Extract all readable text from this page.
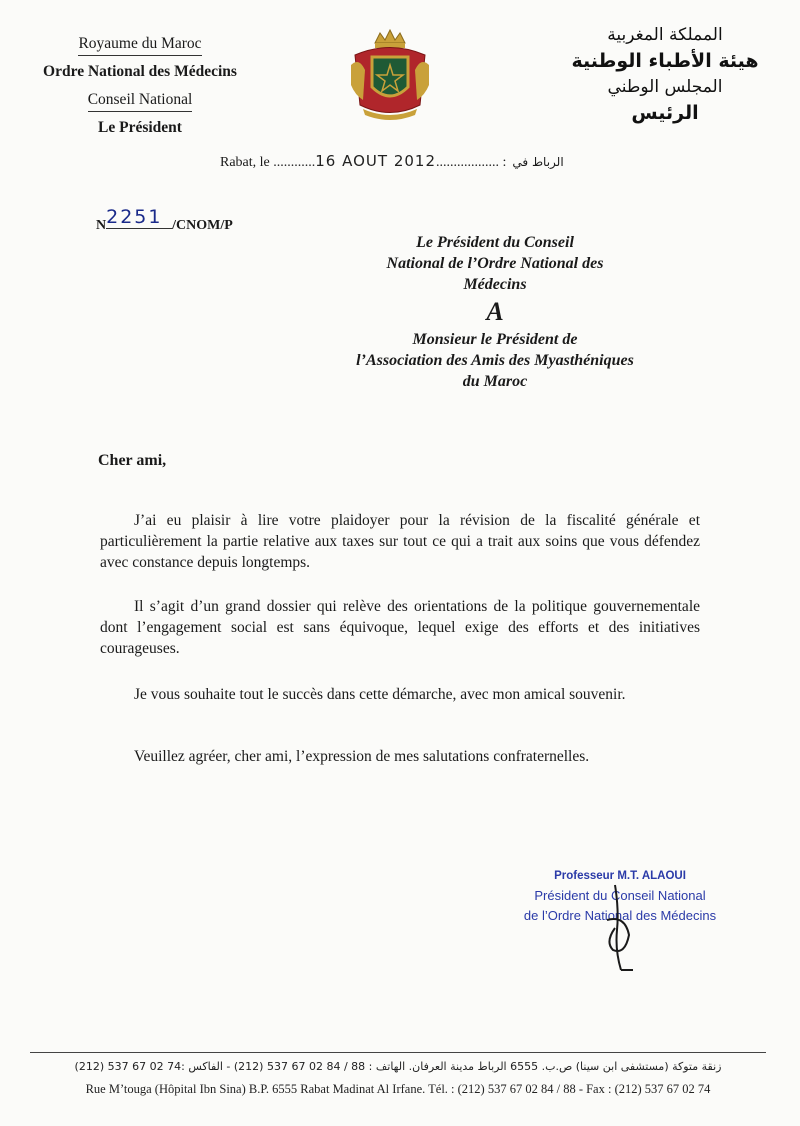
Royaume du Maroc
Ordre National des Médecins
Conseil National
Le Président
المملكة المغربية
هيئة الأطباء الوطنية
المجلس الوطني
الرئيس
Rabat, le ............16 AOUT 2012.................. : الرباط في
N2251 /CNOM/P
Le Président du Conseil
National de l’Ordre National des
Médecins
A
Monsieur le Président de
l’Association des Amis des Myasthéniques
du Maroc
Cher ami,
J’ai eu plaisir à lire votre plaidoyer pour la révision de la fiscalité générale et particulièrement la partie relative aux taxes sur tout ce qui a trait aux soins que vous défendez avec constance depuis longtemps.
Il s’agit d’un grand dossier qui relève des orientations de la politique gouvernementale dont l’engagement social est sans équivoque, lequel exige des efforts et des initiatives courageuses.
Je vous souhaite tout le succès dans cette démarche, avec mon amical souvenir.
Veuillez agréer, cher ami, l’expression de mes salutations confraternelles.
Professeur M.T. ALAOUI
Président du Conseil National
de l’Ordre National des Médecins
زنقة متوكة (مستشفى ابن سينا) ص.ب. 6555 الرباط مدينة العرفان. الهاتف : 88 / 84 02 67 537 (212) - الفاكس :74 02 67 537 (212)
Rue M’touga (Hôpital Ibn Sina) B.P. 6555 Rabat Madinat Al Irfane. Tél. : (212) 537 67 02 84 / 88 - Fax : (212) 537 67 02 74
